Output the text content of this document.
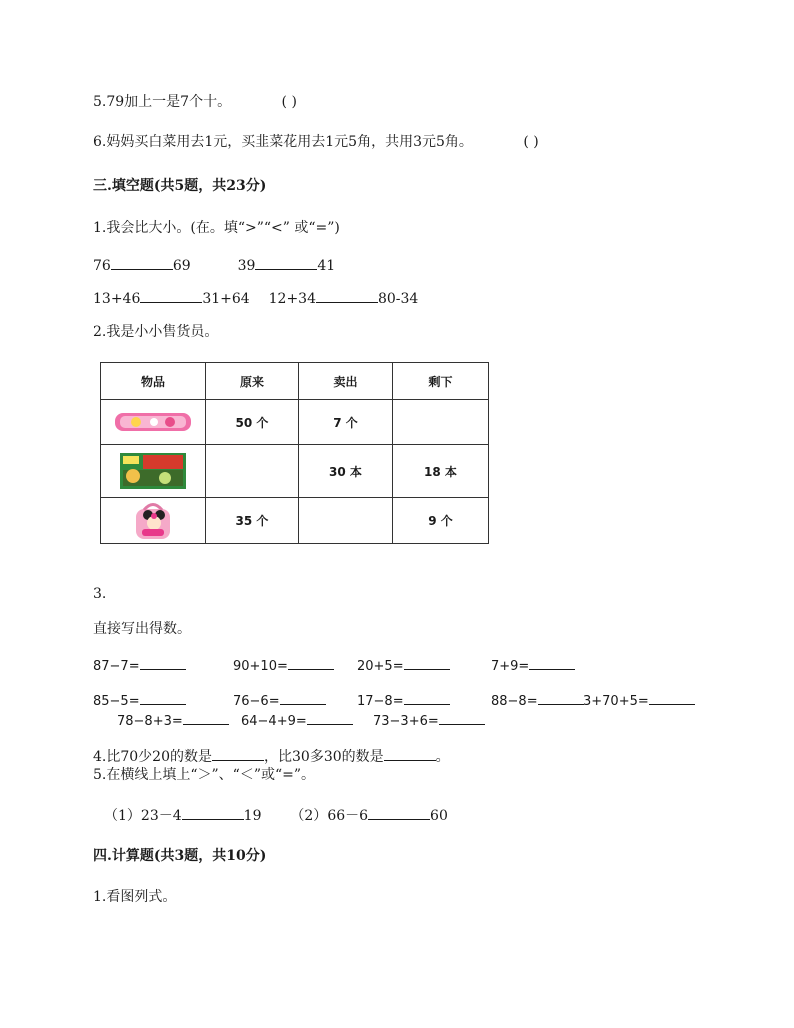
5.79加上一是7个十。	( )
6.妈妈买白菜用去1元，买韭菜花用去1元5角，共用3元5角。	( )
三.填空题(共5题，共23分)
1.我会比大小。(在。填“>”“<” 或“=”)
76	69	39	41
13+46	31+64 12+34	80-34
2.我是小小售货员。
物品	原来	卖出	剩下

	50 个	7 个	

		30 本	18 本

	35 个		9 个
3.
直接写出得数。
87−7=	90+10=	20+5=	7+9=
85−5=	76−6=	17−8=	88−8=	3+70+5=
78−8+3=	64−4+9=	73−3+6=
4.比70少20的数是	，比30多30的数是	。
5.在横线上填上“＞”、“＜”或“=”。
（1）23－4	19 （2）66－6	60
四.计算题(共3题，共10分)
1.看图列式。
